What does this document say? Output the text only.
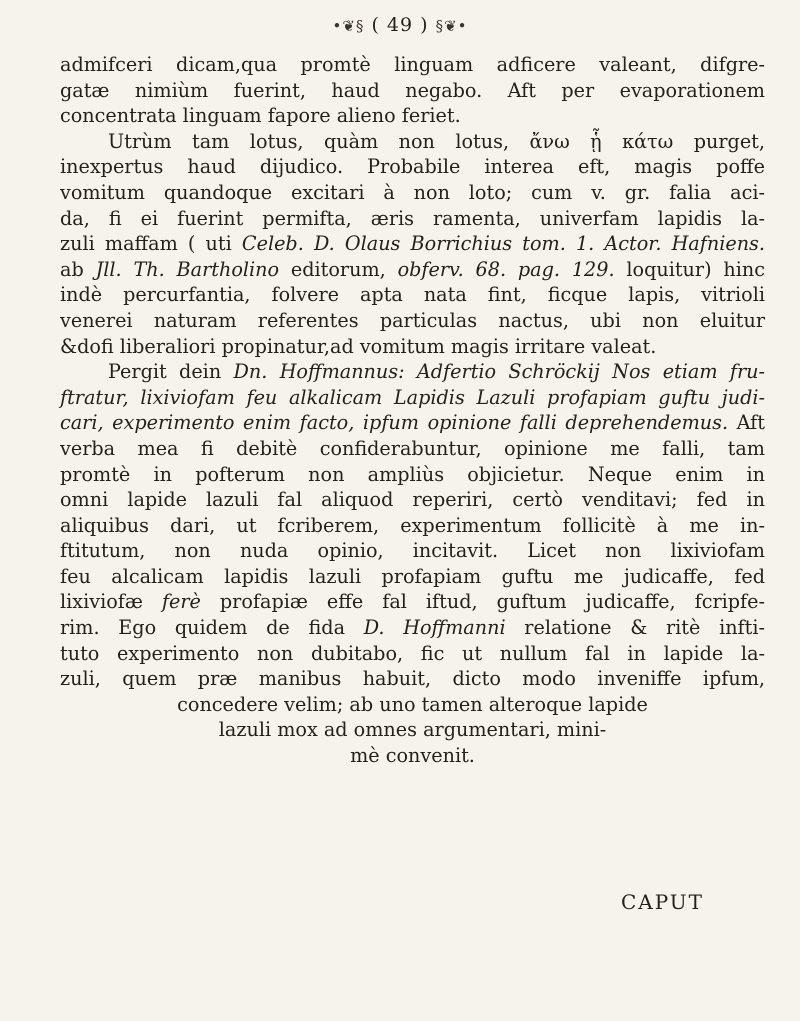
•❦§ ( 49 ) §❦•
admifceri dicam,qua promtè linguam adficere valeant, difgre-
gatæ nimiùm fuerint, haud negabo. Aft per evaporationem
concentrata linguam fapore alieno feriet.
Utrùm tam lotus, quàm non lotus, ἄνω ᾗ κάτω purget,
inexpertus haud dijudico. Probabile interea eft, magis poffe
vomitum quandoque excitari à non loto; cum v. gr. falia aci-
da, fi ei fuerint permifta, æris ramenta, univerfam lapidis la-
zuli maffam ( uti Celeb. D. Olaus Borrichius tom. 1. Actor. Hafniens.
ab Jll. Th. Bartholino editorum, obferv. 68. pag. 129. loquitur) hinc
indè percurfantia, folvere apta nata fint, ficque lapis, vitrioli
venerei naturam referentes particulas nactus, ubi non eluitur
&dofi liberaliori propinatur,ad vomitum magis irritare valeat.
Pergit dein Dn. Hoffmannus: Adfertio Schröckij Nos etiam fru-
ftratur, lixiviofam feu alkalicam Lapidis Lazuli profapiam guftu judi-
cari, experimento enim facto, ipfum opinione falli deprehendemus. Aft
verba mea fi debitè confiderabuntur, opinione me falli, tam
promtè in pofterum non ampliùs objicietur. Neque enim in
omni lapide lazuli fal aliquod reperiri, certò venditavi; fed in
aliquibus dari, ut fcriberem, experimentum follicitè à me in-
ftitutum, non nuda opinio, incitavit. Licet non lixiviofam
feu alcalicam lapidis lazuli profapiam guftu me judicaffe, fed
lixiviofæ ferè profapiæ effe fal iftud, guftum judicaffe, fcripfe-
rim. Ego quidem de fida D. Hoffmanni relatione & ritè infti-
tuto experimento non dubitabo, fic ut nullum fal in lapide la-
zuli, quem præ manibus habuit, dicto modo inveniffe ipfum,
concedere velim; ab uno tamen alteroque lapide
lazuli mox ad omnes argumentari, mini-
mè convenit.
CAPUT
